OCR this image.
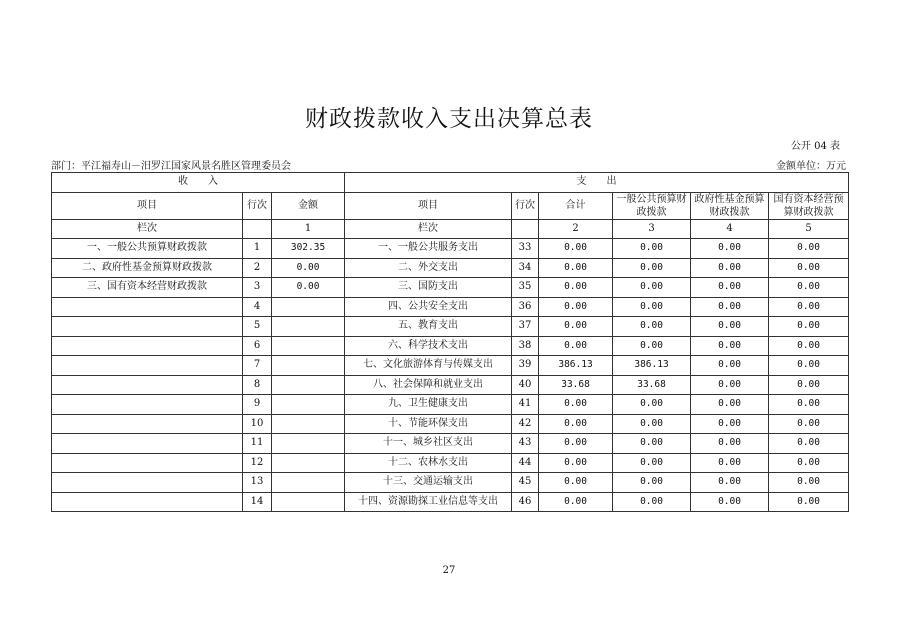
财政拨款收入支出决算总表
公开 04 表
部门：平江福寿山－汨罗江国家风景名胜区管理委员会	金额单位：万元
收　　入			支　　出					
项目	行次	金额	项目	行次	合计	一般公共预算财政拨款	政府性基金预算财政拨款	国有资本经营预算财政拨款
栏次		1	栏次		2	3	4	5
一、一般公共预算财政拨款	1	302.35	一、一般公共服务支出	33	0.00	0.00	0.00	0.00
二、政府性基金预算财政拨款	2	0.00	二、外交支出	34	0.00	0.00	0.00	0.00
三、国有资本经营财政拨款	3	0.00	三、国防支出	35	0.00	0.00	0.00	0.00
	4		四、公共安全支出	36	0.00	0.00	0.00	0.00
	5		五、教育支出	37	0.00	0.00	0.00	0.00
	6		六、科学技术支出	38	0.00	0.00	0.00	0.00
	7		七、文化旅游体育与传媒支出	39	386.13	386.13	0.00	0.00
	8		八、社会保障和就业支出	40	33.68	33.68	0.00	0.00
	9		九、卫生健康支出	41	0.00	0.00	0.00	0.00
	10		十、节能环保支出	42	0.00	0.00	0.00	0.00
	11		十一、城乡社区支出	43	0.00	0.00	0.00	0.00
	12		十二、农林水支出	44	0.00	0.00	0.00	0.00
	13		十三、交通运输支出	45	0.00	0.00	0.00	0.00
	14		十四、资源勘探工业信息等支出	46	0.00	0.00	0.00	0.00
27
